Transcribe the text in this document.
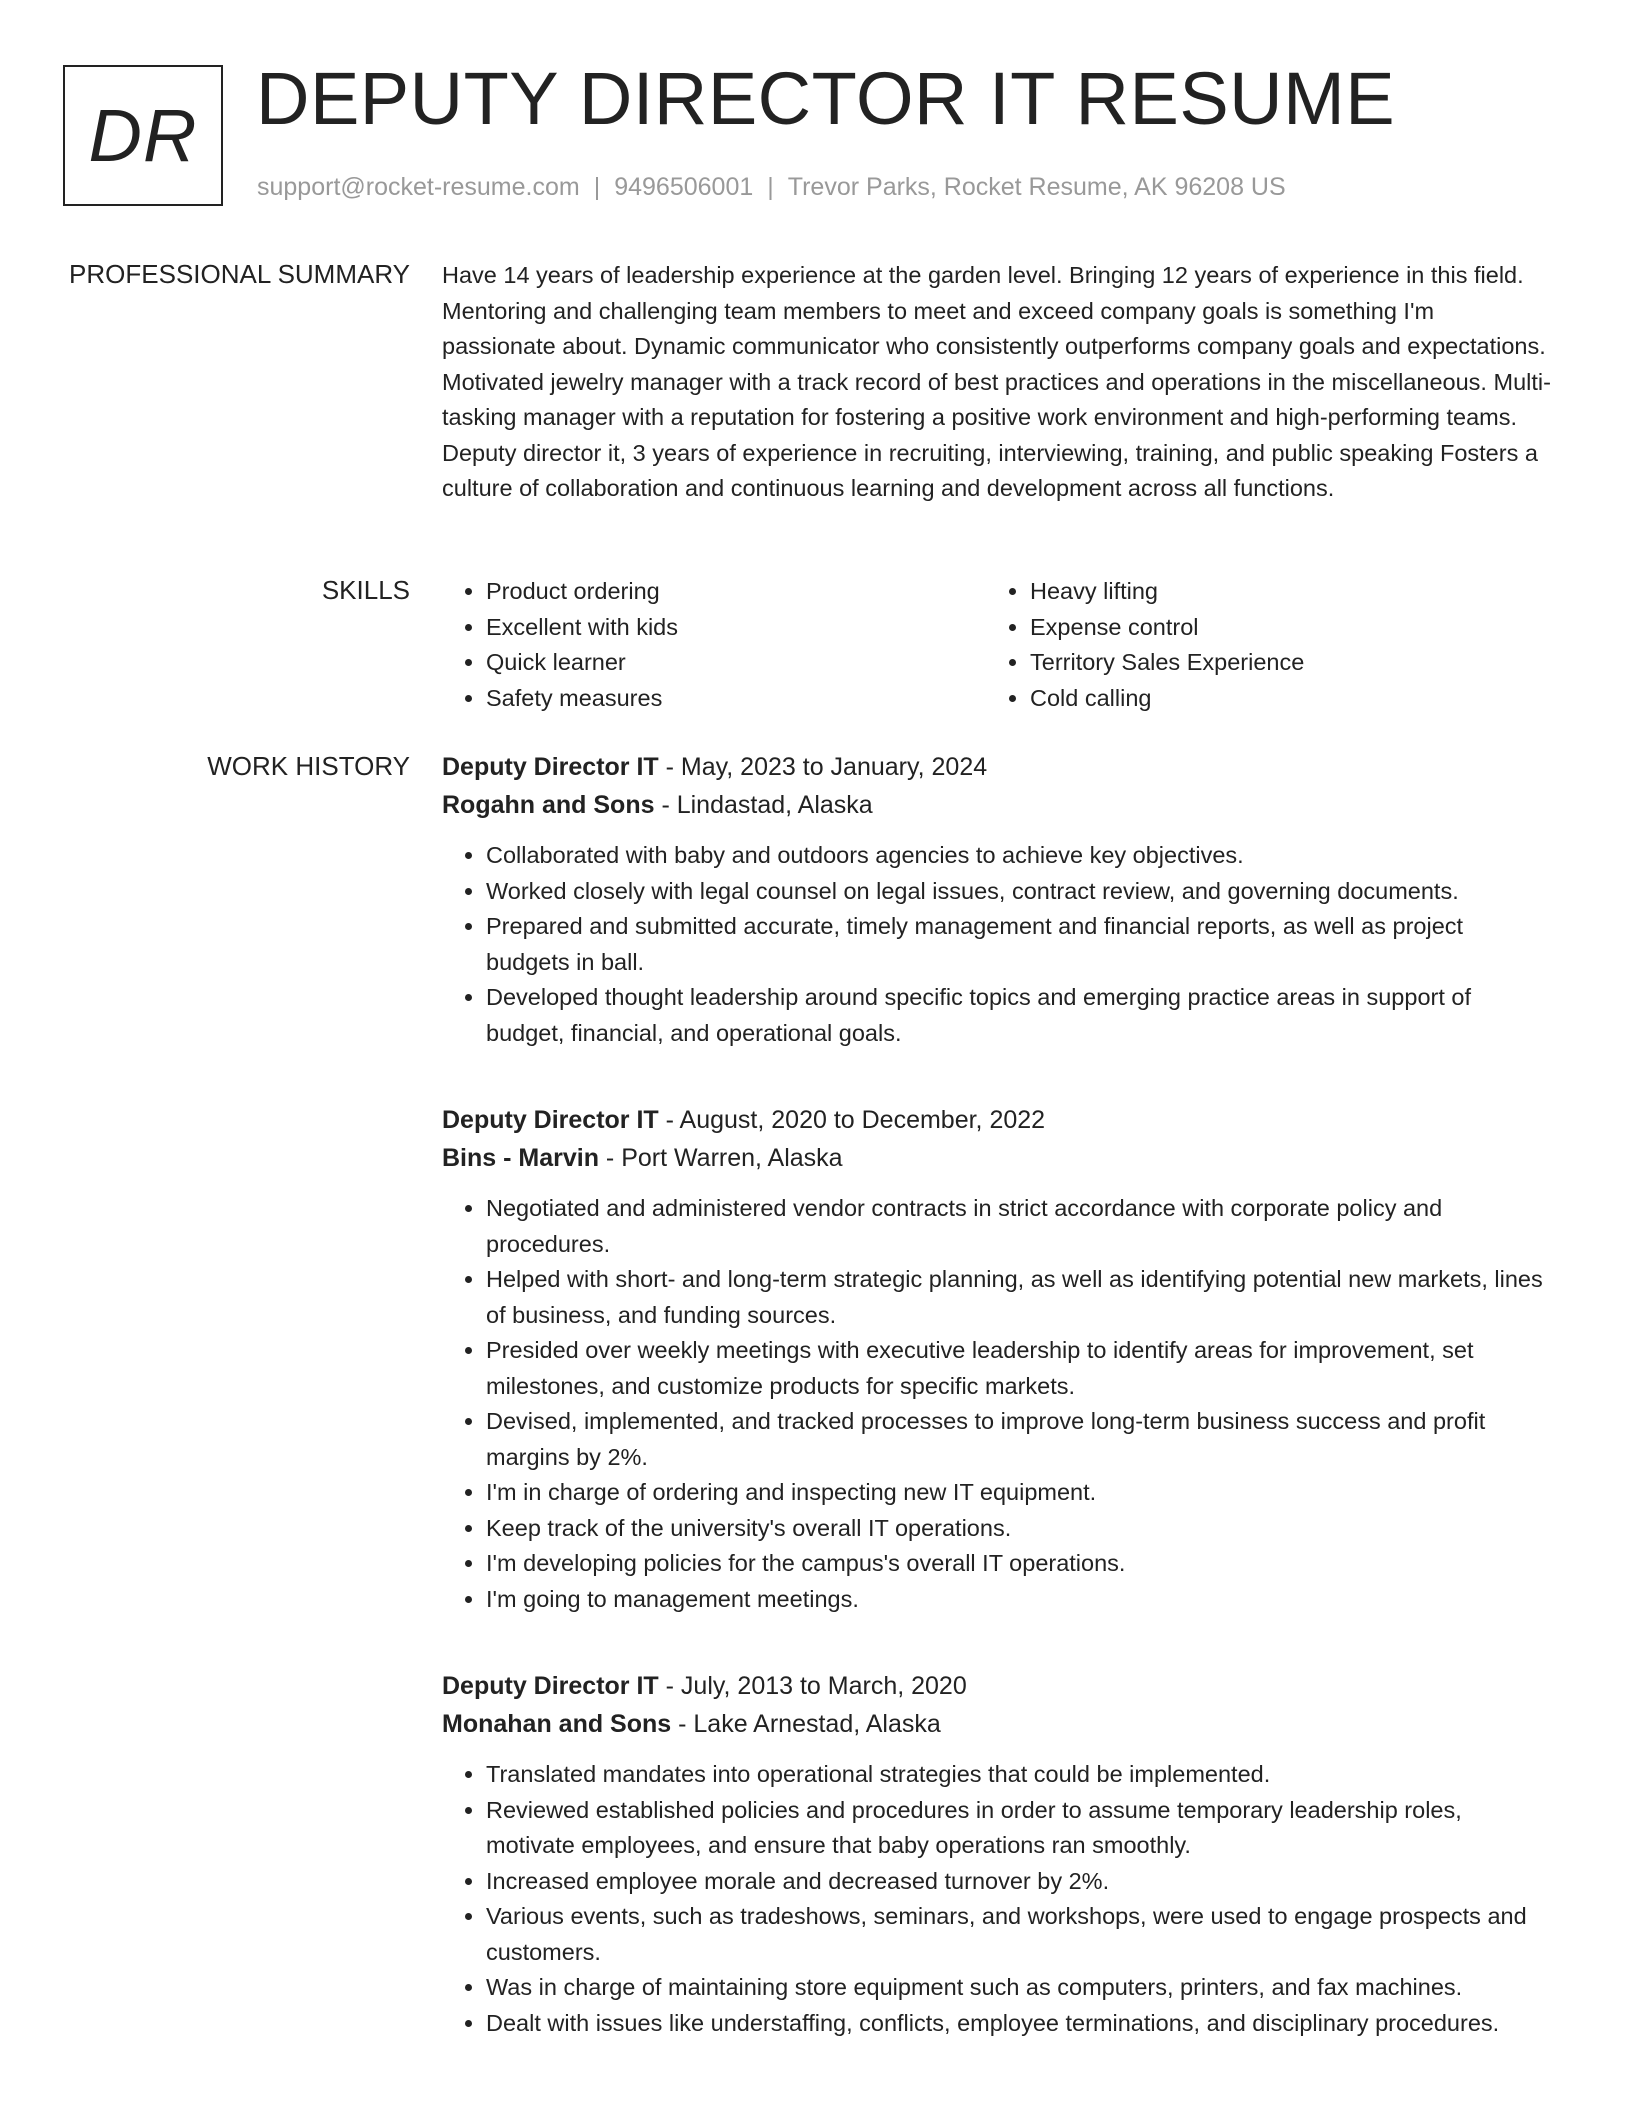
DR DEPUTY DIRECTOR IT RESUME
support@rocket-resume.com | 9496506001 | Trevor Parks, Rocket Resume, AK 96208 US
PROFESSIONAL SUMMARY Have 14 years of leadership experience at the garden level. Bringing 12 years of experience in this field. Mentoring and challenging team members to meet and exceed company goals is something I'm passionate about. Dynamic communicator who consistently outperforms company goals and expectations. Motivated jewelry manager with a track record of best practices and operations in the miscellaneous. Multi-tasking manager with a reputation for fostering a positive work environment and high-performing teams. Deputy director it, 3 years of experience in recruiting, interviewing, training, and public speaking Fosters a culture of collaboration and continuous learning and development across all functions.

SKILLS
•	Product ordering
• Excellent with kids
• Quick learner
• Safety measures
• Heavy lifting
• Expense control
• Territory Sales Experience
• Cold calling
WORK HISTORY Deputy Director IT - May, 2023 to January, 2024
Rogahn and Sons - Lindastad, Alaska
• Collaborated with baby and outdoors agencies to achieve key objectives.
• Worked closely with legal counsel on legal issues, contract review, and governing documents.
• Prepared and submitted accurate, timely management and financial reports, as well as project budgets in ball.
• Developed thought leadership around specific topics and emerging practice areas in support of budget, financial, and operational goals.
Deputy Director IT - August, 2020 to December, 2022
Bins - Marvin - Port Warren, Alaska
• Negotiated and administered vendor contracts in strict accordance with corporate policy and procedures.
• Helped with short- and long-term strategic planning, as well as identifying potential new markets, lines of business, and funding sources.
• Presided over weekly meetings with executive leadership to identify areas for improvement, set milestones, and customize products for specific markets.
• Devised, implemented, and tracked processes to improve long-term business success and profit margins by 2%.
• I'm in charge of ordering and inspecting new IT equipment.
• Keep track of the university's overall IT operations.
• I'm developing policies for the campus's overall IT operations.
• I'm going to management meetings.
Deputy Director IT - July, 2013 to March, 2020
Monahan and Sons - Lake Arnestad, Alaska
• Translated mandates into operational strategies that could be implemented.
• Reviewed established policies and procedures in order to assume temporary leadership roles, motivate employees, and ensure that baby operations ran smoothly.
• Increased employee morale and decreased turnover by 2%.
• Various events, such as tradeshows, seminars, and workshops, were used to engage prospects and customers.
• Was in charge of maintaining store equipment such as computers, printers, and fax machines.
• Dealt with issues like understaffing, conflicts, employee terminations, and disciplinary procedures.
